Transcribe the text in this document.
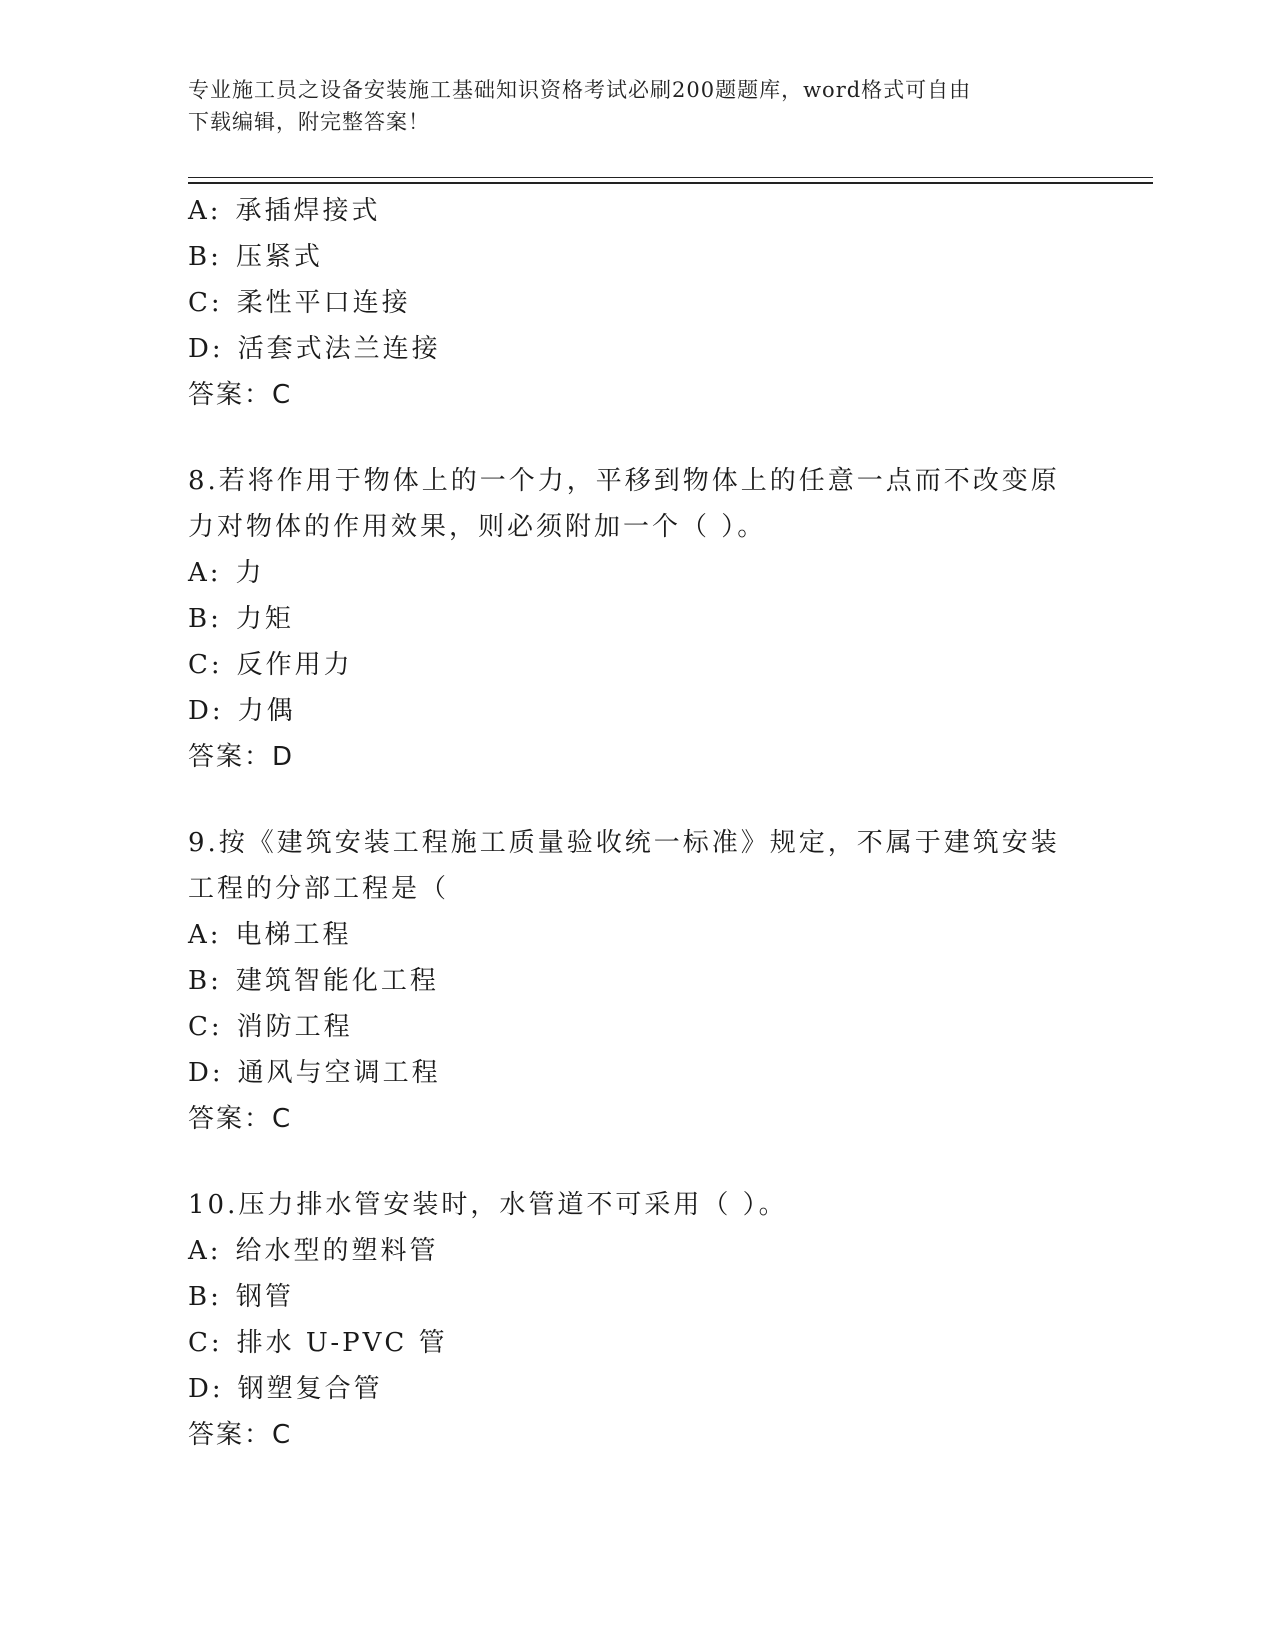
专业施工员之设备安装施工基础知识资格考试必刷200题题库，word格式可自由
下载编辑，附完整答案！
A: 承插焊接式
B: 压紧式
C: 柔性平口连接
D: 活套式法兰连接
答案：C
8.若将作用于物体上的一个力，平移到物体上的任意一点而不改变原
力对物体的作用效果，则必须附加一个（ ）。
A: 力
B: 力矩
C: 反作用力
D: 力偶
答案：D
9.按《建筑安装工程施工质量验收统一标准》规定，不属于建筑安装
工程的分部工程是（
A: 电梯工程
B: 建筑智能化工程
C: 消防工程
D: 通风与空调工程
答案：C
10.压力排水管安装时，水管道不可采用（ ）。
A: 给水型的塑料管
B: 钢管
C: 排水 U-PVC 管
D: 钢塑复合管
答案：C
